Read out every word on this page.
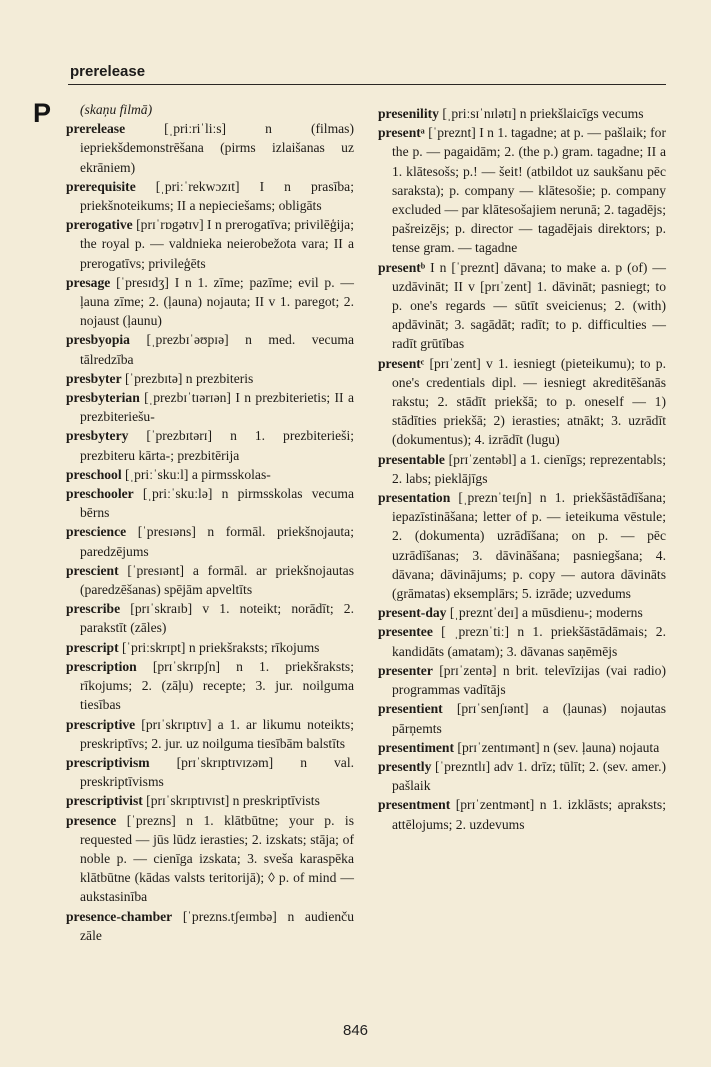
prerelease
P	(skaņu filmā)

prerelease [ˌpriːriˈliːs] n (filmas) iepriekšdemonstrēšana (pirms izlaišanas uz ekrāniem)

prerequisite [ˌpriːˈrekwɔzɪt] I n prasība; priekšnoteikums; II a nepieciešams; obligāts

prerogative [prɪˈrɒgətɪv] I n prerogatīva; privilēģija; the royal p. — valdnieka neierobežota vara; II a prerogatīvs; privileģēts

presage [ˈpresɪdʒ] I n 1. zīme; pazīme; evil p. — ļauna zīme; 2. (ļauna) nojauta; II v 1. paregot; 2. nojaust (ļaunu)

presbyopia [ˌprezbɪˈəʊpɪə] n med. vecuma tālredzība

presbyter [ˈprezbɪtə] n prezbiteris

presbyterian [ˌprezbɪˈtɪərɪən] I n prezbiterietis; II a prezbiteriešu-

presbytery [ˈprezbɪtərɪ] n 1. prezbiterieši; prezbiteru kārta-; prezbitērija

preschool [ˌpriːˈskuːl] a pirmsskolas-

preschooler [ˌpriːˈskuːlə] n pirmsskolas vecuma bērns

prescience [ˈpresɪəns] n formāl. priekšnojauta; paredzējums

prescient [ˈpresɪənt] a formāl. ar priekšnojautas (paredzēšanas) spējām apveltīts

prescribe [prɪˈskraɪb] v 1. noteikt; norādīt; 2. parakstīt (zāles)

prescript [ˈpriːskrɪpt] n priekšraksts; rīkojums

prescription [prɪˈskrɪpʃn] n 1. priekšraksts; rīkojums; 2. (zāļu) recepte; 3. jur. noilguma tiesības

prescriptive [prɪˈskrɪptɪv] a 1. ar likumu noteikts; preskriptīvs; 2. jur. uz noilguma tiesībām balstīts

prescriptivism [prɪˈskrɪptɪvɪzəm] n val. preskriptīvisms

prescriptivist [prɪˈskrɪptɪvɪst] n preskriptīvists

presence [ˈprezns] n 1. klātbūtne; your p. is requested — jūs lūdz ierasties; 2. izskats; stāja; of noble p. — cienīga izskata; 3. sveša karaspēka klātbūtne (kādas valsts teritorijā); ◊ p. of mind — aukstasinība

presence-chamber [ˈprezns.tʃeɪmbə] n audienču zāle

presenility [ˌpriːsɪˈnɪlətɪ] n priekšlaicīgs vecums

presentᵃ [ˈpreznt] I n 1. tagadne; at p. — pašlaik; for the p. — pagaidām; 2. (the p.) gram. tagadne; II a 1. klātesošs; p.! — šeit! (atbildot uz saukšanu pēc saraksta); p. company — klātesošie; p. company excluded — par klātesošajiem nerunā; 2. tagadējs; pašreizējs; p. director — tagadējais direktors; p. tense gram. — tagadne

presentᵇ I n [ˈpreznt] dāvana; to make a. p (of) — uzdāvināt; II v [prɪˈzent] 1. dāvināt; pasniegt; to p. one's regards — sūtīt sveicienus; 2. (with) apdāvināt; 3. sagādāt; radīt; to p. difficulties — radīt grūtības

presentᶜ [prɪˈzent] v 1. iesniegt (pieteikumu); to p. one's credentials dipl. — iesniegt akreditēšanās rakstu; 2. stādīt priekšā; to p. oneself — 1) stādīties priekšā; 2) ierasties; atnākt; 3. uzrādīt (dokumentus); 4. izrādīt (lugu)

presentable [prɪˈzentəbl] a 1. cienīgs; reprezentabls; 2. labs; pieklājīgs

presentation [ˌpreznˈteɪʃn] n 1. priekšāstādīšana; iepazīstināšana; letter of p. — ieteikuma vēstule; 2. (dokumenta) uzrādīšana; on p. — pēc uzrādīšanas; 3. dāvināšana; pasniegšana; 4. dāvana; dāvinājums; p. copy — autora dāvināts (grāmatas) eksemplārs; 5. izrāde; uzvedums

present-day [ˌprezntˈdeɪ] a mūsdienu-; moderns

presentee [ ˌpreznˈtiː] n 1. priekšāstādāmais; 2. kandidāts (amatam); 3. dāvanas saņēmējs

presenter [prɪˈzentə] n brit. televīzijas (vai radio) programmas vadītājs

presentient [prɪˈsenʃɪənt] a (ļaunas) nojautas pārņemts

presentiment [prɪˈzentɪmənt] n (sev. ļauna) nojauta

presently [ˈprezntlɪ] adv 1. drīz; tūlīt; 2. (sev. amer.) pašlaik

presentment [prɪˈzentmənt] n 1. izklāsts; apraksts; attēlojums; 2. uzdevums

846
